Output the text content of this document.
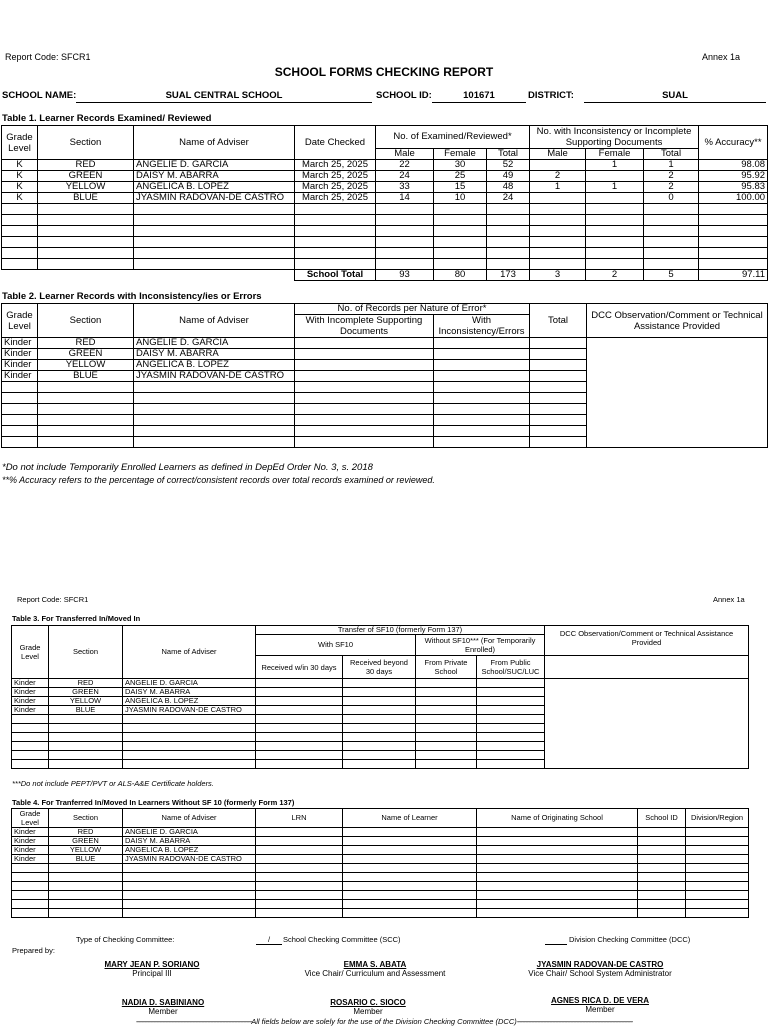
Report Code: SFCR1	Annex 1a
SCHOOL FORMS CHECKING REPORT
SCHOOL NAME:	SUAL CENTRAL SCHOOL	SCHOOL ID:	101671	DISTRICT:	SUAL
Table 1. Learner Records Examined/ Reviewed
Grade Level	Section	Name of Adviser	Date Checked	No. of Examined/Reviewed*			No. with Inconsistency or Incomplete Supporting Documents			% Accuracy**
				Male	Female	Total	Male	Female	Total	
K	RED	ANGELIE D. GARCIA	March 25, 2025	22	30	52		1	1	98.08
K	GREEN	DAISY M. ABARRA	March 25, 2025	24	25	49	2		2	95.92
K	YELLOW	ANGELICA B. LOPEZ	March 25, 2025	33	15	48	1	1	2	95.83
K	BLUE	JYASMIN RADOVAN-DE CASTRO	March 25, 2025	14	10	24			0	100.00

			School Total	93	80	173	3	2	5	97.11
Table 2. Learner Records with Inconsistency/ies or Errors
Grade Level	Section	Name of Adviser	No. of Records per Nature of Error*		Total	DCC Observation/Comment or Technical Assistance Provided
			With Incomplete Supporting Documents	With Inconsistency/Errors		
Kinder	RED	ANGELIE D. GARCIA				
Kinder	GREEN	DAISY M. ABARRA				
Kinder	YELLOW	ANGELICA B. LOPEZ				
Kinder	BLUE	JYASMIN RADOVAN-DE CASTRO				

*Do not include Temporarily Enrolled Learners as defined in DepEd Order No. 3, s. 2018
**% Accuracy refers to the percentage of correct/consistent records over total records examined or reviewed.
Report Code: SFCR1	Annex 1a
Table 3. For Transferred In/Moved In
Grade Level	Section	Name of Adviser	Transfer of SF10 (formerly Form 137)				DCC Observation/Comment or Technical Assistance Provided
			With SF10		Without SF10*** (For Temporarily Enrolled)		
			Received w/in 30 days	Received beyond 30 days	From Private School	From Public School/SUC/LUC	
Kinder	RED	ANGELIE D. GARCIA					
Kinder	GREEN	DAISY M. ABARRA					
Kinder	YELLOW	ANGELICA B. LOPEZ					
Kinder	BLUE	JYASMIN RADOVAN-DE CASTRO					

***Do not include PEPT/PVT or ALS-A&E Certificate holders.
Table 4. For Tranferred In/Moved In Learners Without SF 10 (formerly Form 137)
Grade Level	Section	Name of Adviser	LRN	Name of Learner	Name of Originating School	School ID	Division/Region
Kinder	RED	ANGELIE D. GARCIA					
Kinder	GREEN	DAISY M. ABARRA					
Kinder	YELLOW	ANGELICA B. LOPEZ					
Kinder	BLUE	JYASMIN RADOVAN-DE CASTRO					

Type of Checking Committee:	/	School Checking Committee (SCC)	Division Checking Committee (DCC)
Prepared by:
MARY JEAN P. SORIANO
Principal III
EMMA S. ABATA
Vice Chair/ Curriculum and Assessment
JYASMIN RADOVAN-DE CASTRO
Vice Chair/ School System Administrator
NADIA D. SABINIANO
Member
ROSARIO C. SIOCO
Member
AGNES RICA D. DE VERA
Member
-----------------------------------------------------------------------------All fields below are solely for the use of the Division Checking Committee (DCC)-----------------------------------------------------------------------------
